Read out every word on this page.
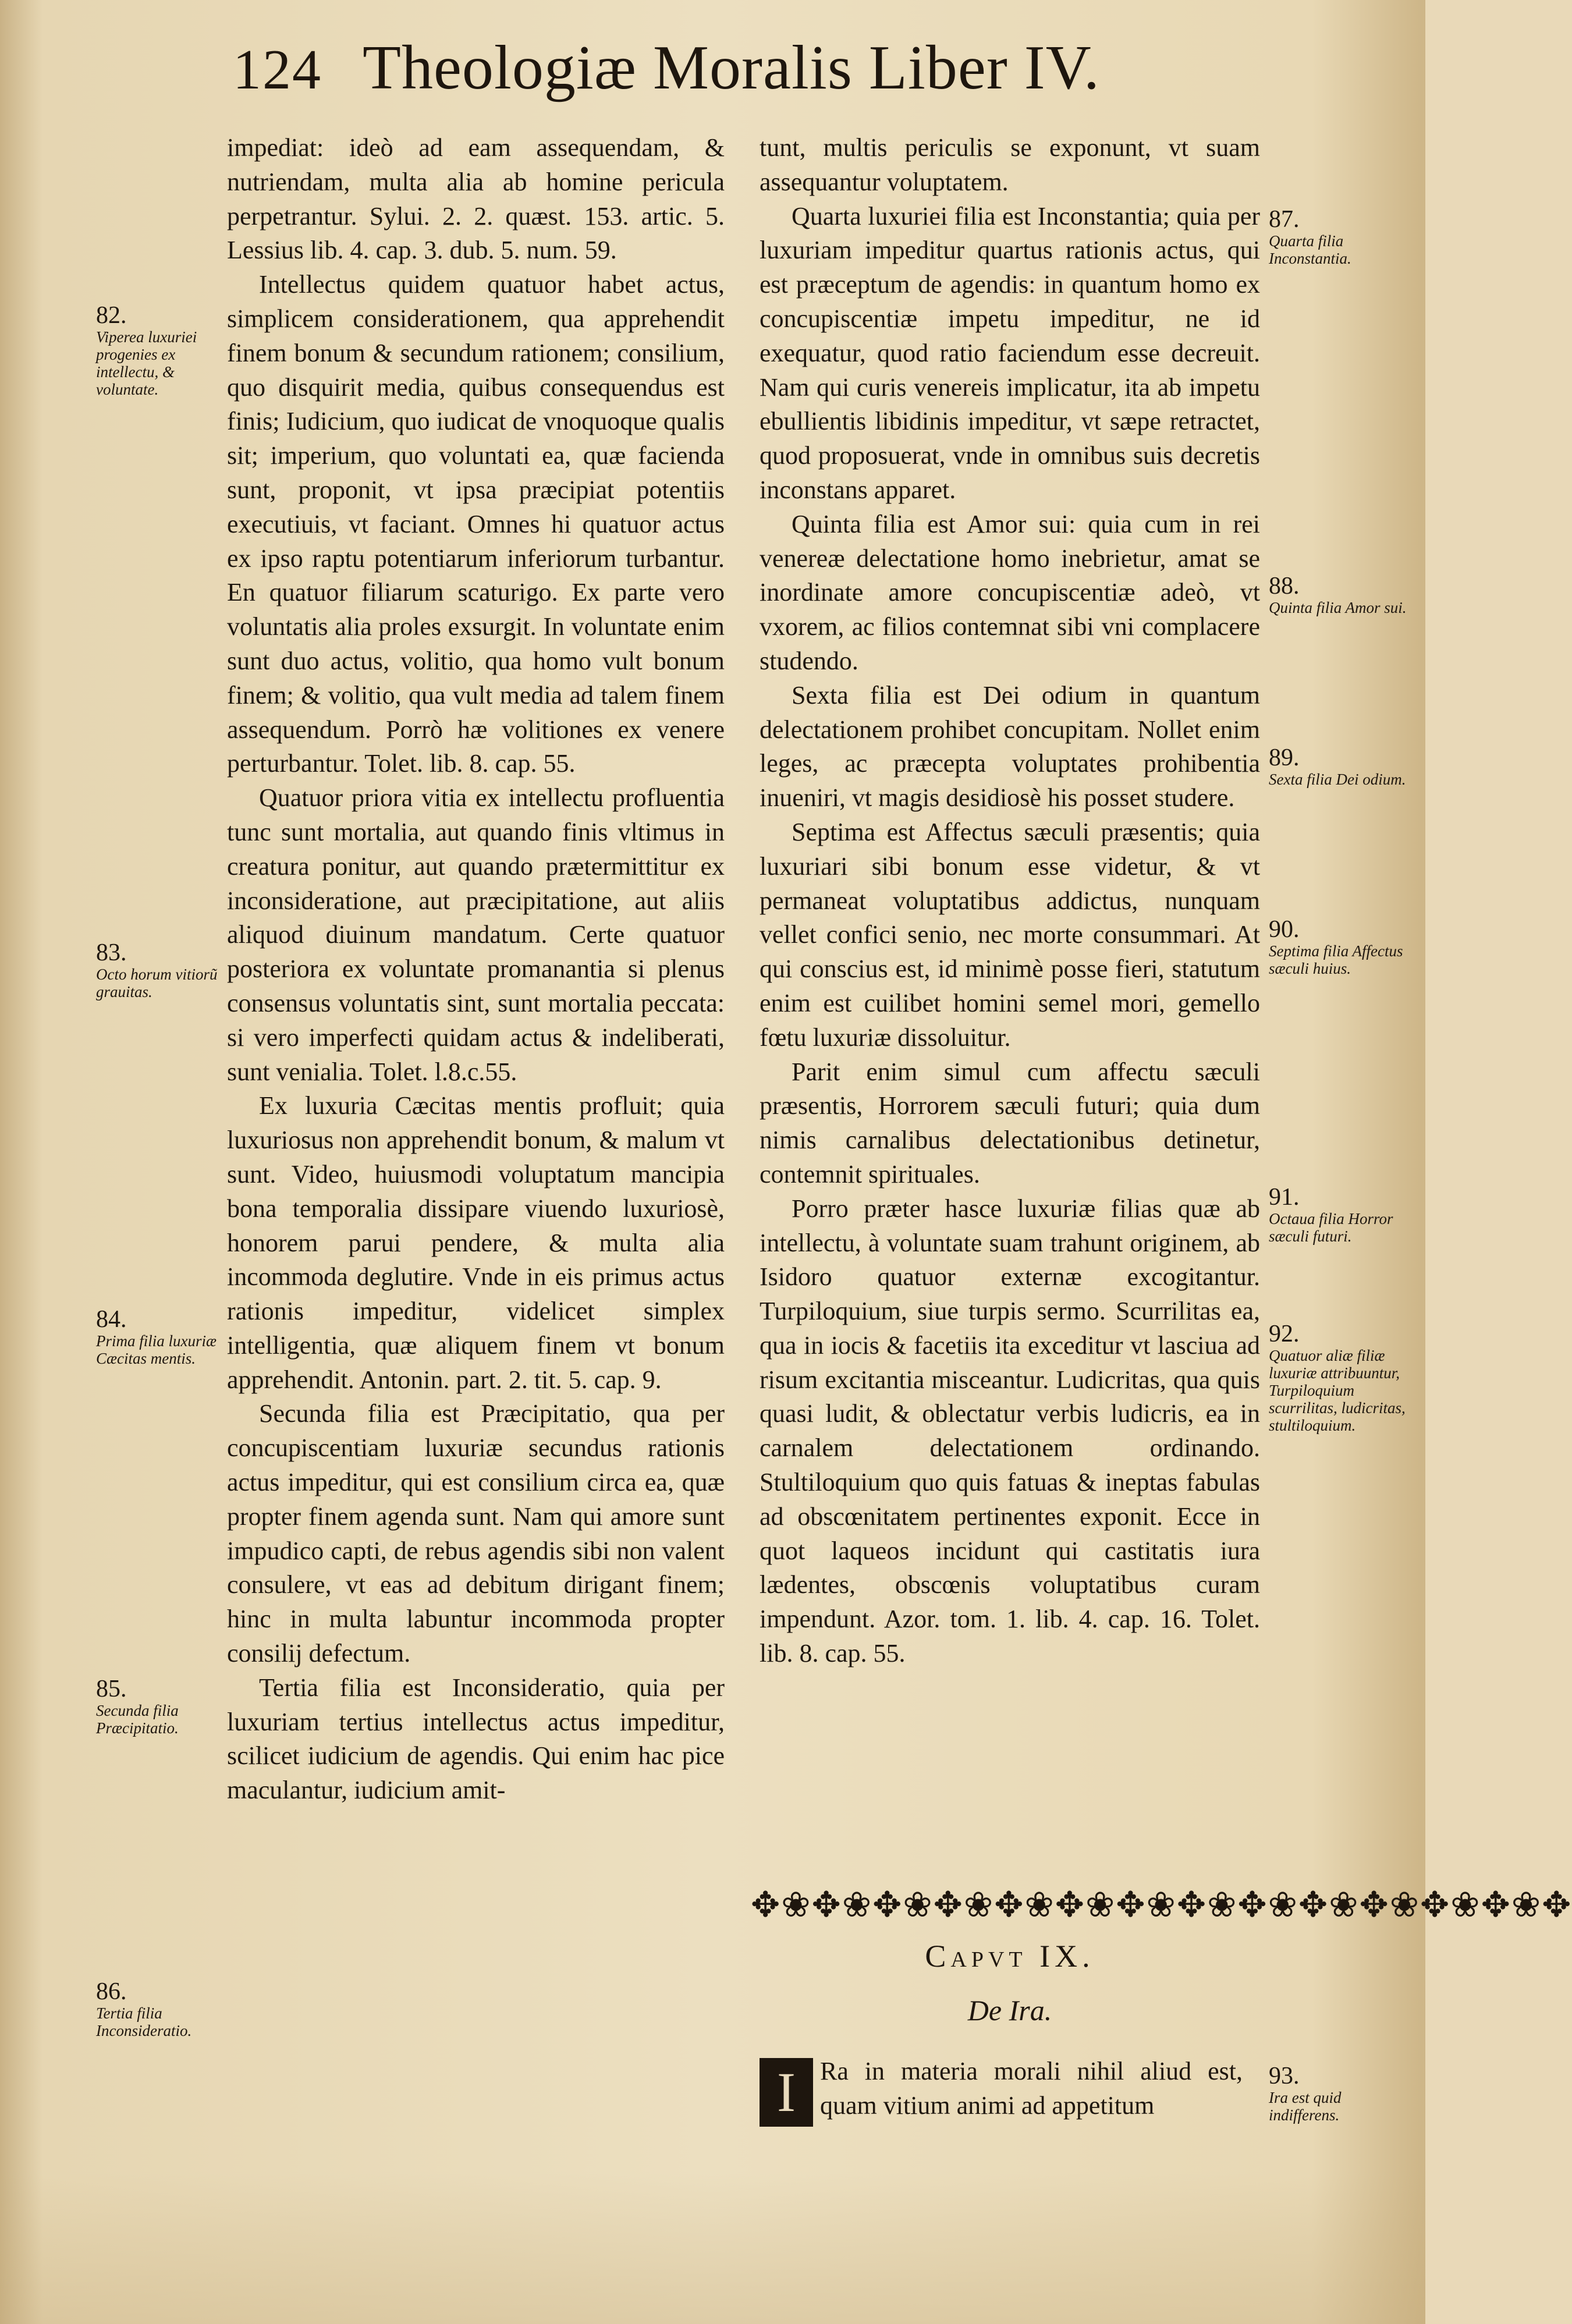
124 Theologiæ Moralis Liber IV.

impediat: ideò ad eam assequendam, & nutriendam, multa alia ab homine pericula perpetrantur. Sylui. 2. 2. quæst. 153. artic. 5. Lessius lib. 4. cap. 3. dub. 5. num. 59.

Intellectus quidem quatuor habet actus, simplicem considerationem, qua apprehendit finem bonum & secundum rationem; consilium, quo disquirit media, quibus consequendus est finis; Iudicium, quo iudicat de vnoquoque qualis sit; imperium, quo voluntati ea, quæ facienda sunt, proponit, vt ipsa præcipiat potentiis executiuis, vt faciant. Omnes hi quatuor actus ex ipso raptu potentiarum inferiorum turbantur. En quatuor filiarum scaturigo. Ex parte vero voluntatis alia proles exsurgit. In voluntate enim sunt duo actus, volitio, qua homo vult bonum finem; & volitio, qua vult media ad talem finem assequendum. Porrò hæ volitiones ex venere perturbantur. Tolet. lib. 8. cap. 55.

Quatuor priora vitia ex intellectu profluentia tunc sunt mortalia, aut quando finis vltimus in creatura ponitur, aut quando prætermittitur ex inconsideratione, aut præcipitatione, aut aliis aliquod diuinum mandatum. Certe quatuor posteriora ex voluntate promanantia si plenus consensus voluntatis sint, sunt mortalia peccata: si vero imperfecti quidam actus & indeliberati, sunt venialia. Tolet. l.8.c.55.

Ex luxuria Cæcitas mentis profluit; quia luxuriosus non apprehendit bonum, & malum vt sunt. Video, huiusmodi voluptatum mancipia bona temporalia dissipare viuendo luxuriosè, honorem parui pendere, & multa alia incommoda deglutire. Vnde in eis primus actus rationis impeditur, videlicet simplex intelligentia, quæ aliquem finem vt bonum apprehendit. Antonin. part. 2. tit. 5. cap. 9.

Secunda filia est Præcipitatio, qua per concupiscentiam luxuriæ secundus rationis actus impeditur, qui est consilium circa ea, quæ propter finem agenda sunt. Nam qui amore sunt impudico capti, de rebus agendis sibi non valent consulere, vt eas ad debitum dirigant finem; hinc in multa labuntur incommoda propter consilij defectum.

Tertia filia est Inconsideratio, quia per luxuriam tertius intellectus actus impeditur, scilicet iudicium de agendis. Qui enim hac pice maculantur, iudicium amit-

tunt, multis periculis se exponunt, vt suam assequantur voluptatem.

Quarta luxuriei filia est Inconstantia; quia per luxuriam impeditur quartus rationis actus, qui est præceptum de agendis: in quantum homo ex concupiscentiæ impetu impeditur, ne id exequatur, quod ratio faciendum esse decreuit. Nam qui curis venereis implicatur, ita ab impetu ebullientis libidinis impeditur, vt sæpe retractet, quod proposuerat, vnde in omnibus suis decretis inconstans apparet.

Quinta filia est Amor sui: quia cum in rei venereæ delectatione homo inebrietur, amat se inordinate amore concupiscentiæ adeò, vt vxorem, ac filios contemnat sibi vni complacere studendo.

Sexta filia est Dei odium in quantum delectationem prohibet concupitam. Nollet enim leges, ac præcepta voluptates prohibentia inueniri, vt magis desidiosè his posset studere.

Septima est Affectus sæculi præsentis; quia luxuriari sibi bonum esse videtur, & vt permaneat voluptatibus addictus, nunquam vellet confici senio, nec morte consummari. At qui conscius est, id minimè posse fieri, statutum enim est cuilibet homini semel mori, gemello fœtu luxuriæ dissoluitur.

Parit enim simul cum affectu sæculi præsentis, Horrorem sæculi futuri; quia dum nimis carnalibus delectationibus detinetur, contemnit spirituales.

Porro præter hasce luxuriæ filias quæ ab intellectu, à voluntate suam trahunt originem, ab Isidoro quatuor externæ excogitantur. Turpiloquium, siue turpis sermo. Scurrilitas ea, qua in iocis & facetiis ita exceditur vt lasciua ad risum excitantia misceantur. Ludicritas, qua quis quasi ludit, & oblectatur verbis ludicris, ea in carnalem delectationem ordinando. Stultiloquium quo quis fatuas & ineptas fabulas ad obscœnitatem pertinentes exponit. Ecce in quot laqueos incidunt qui castitatis iura lædentes, obscœnis voluptatibus curam impendunt. Azor. tom. 1. lib. 4. cap. 16. Tolet. lib. 8. cap. 55.

82.
Viperea luxuriei progenies ex intellectu, & voluntate.
83.
Octo horum vitiorũ grauitas.
84.
Prima filia luxuriæ Cæcitas mentis.
85.
Secunda filia Præcipitatio.
86.
Tertia filia Inconsideratio.
87.
Quarta filia Inconstantia.
88.
Quinta filia Amor sui.
89.
Sexta filia Dei odium.
90.
Septima filia Affectus sæculi huius.
91.
Octaua filia Horror sæculi futuri.
92.
Quatuor aliæ filiæ luxuriæ attribuuntur, Turpiloquium scurrilitas, ludicritas, stultiloquium.
93.
Ira est quid indifferens.
✥❀✥❀✥❀✥❀✥❀✥❀✥❀✥❀✥❀✥❀✥❀✥❀✥❀✥
Capvt IX.
De Ira.

I Ra in materia morali nihil aliud est, quam vitium animi ad appetitum
